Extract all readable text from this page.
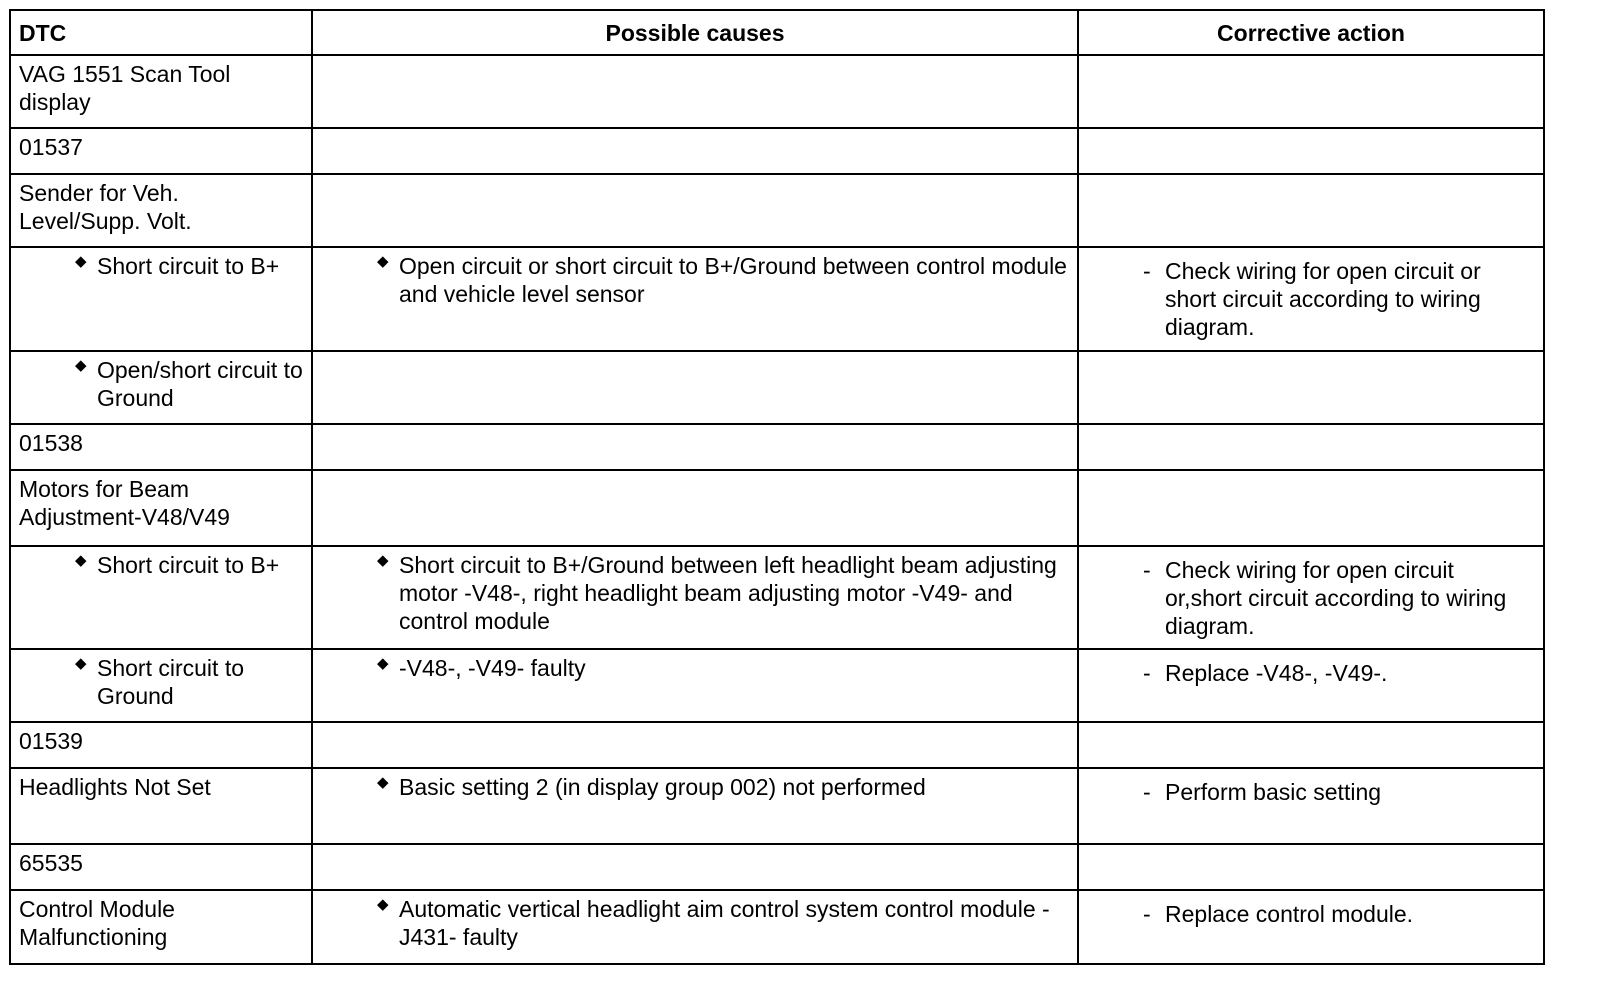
DTC	Possible causes	Corrective action
VAG 1551 Scan Tool display		
01537		
Sender for Veh. Level/Supp. Volt.		

◆ Short circuit to B+	◆ Open circuit or short circuit to B+/Ground between control module and vehicle level sensor	- Check wiring for open circuit or short circuit according to wiring diagram.

◆ Open/short circuit to Ground		

01538		
Motors for Beam Adjustment-V48/V49		

◆ Short circuit to B+	◆ Short circuit to B+/Ground between left headlight beam adjusting motor -V48-, right headlight beam adjusting motor -V49- and control module	- Check wiring for open circuit or,short circuit according to wiring diagram.

◆ Short circuit to Ground	◆ -V48-, -V49- faulty	- Replace -V48-, -V49-.

01539		
Headlights Not Set	◆ Basic setting 2 (in display group 002) not performed	- Perform basic setting

65535		
Control Module Malfunctioning	◆ Automatic vertical headlight aim control system control module -J431- faulty	- Replace control module.
